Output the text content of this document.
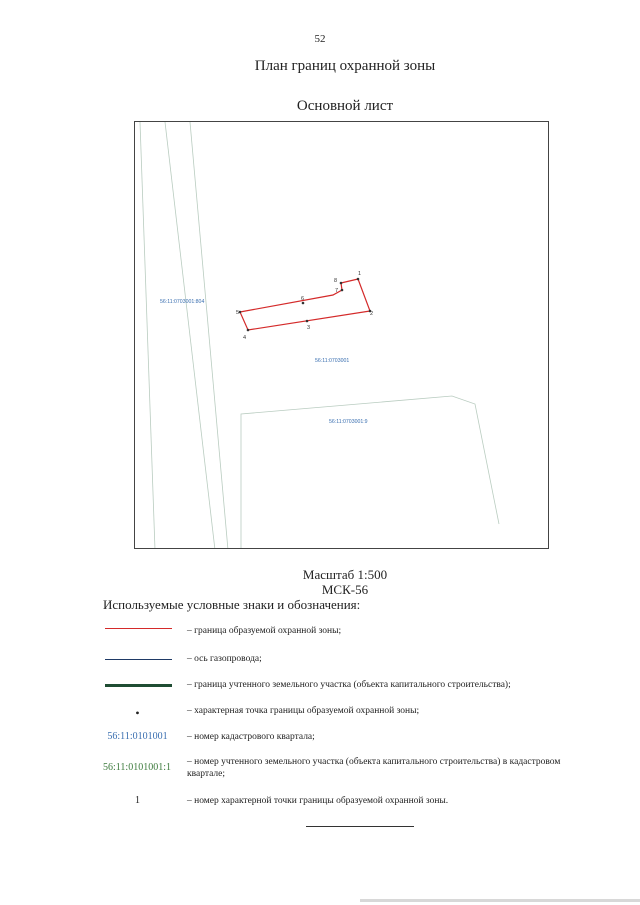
52
План границ охранной зоны
Основной лист
1
2
3
4
5
6
7
8
56:11:0703001:804
56:11:0703001
56:11:0703001:9
Масштаб 1:500
МСК-56
Используемые условные знаки и обозначения:
– граница образуемой охранной зоны;
– ось газопровода;
– граница учтенного земельного участка (объекта капитального строительства);
•	– характерная точка границы образуемой охранной зоны;
56:11:0101001	– номер кадастрового квартала;
56:11:0101001:1	– номер учтенного земельного участка (объекта капитального строительства) в кадастровом квартале;
1	– номер характерной точки границы образуемой охранной зоны.
